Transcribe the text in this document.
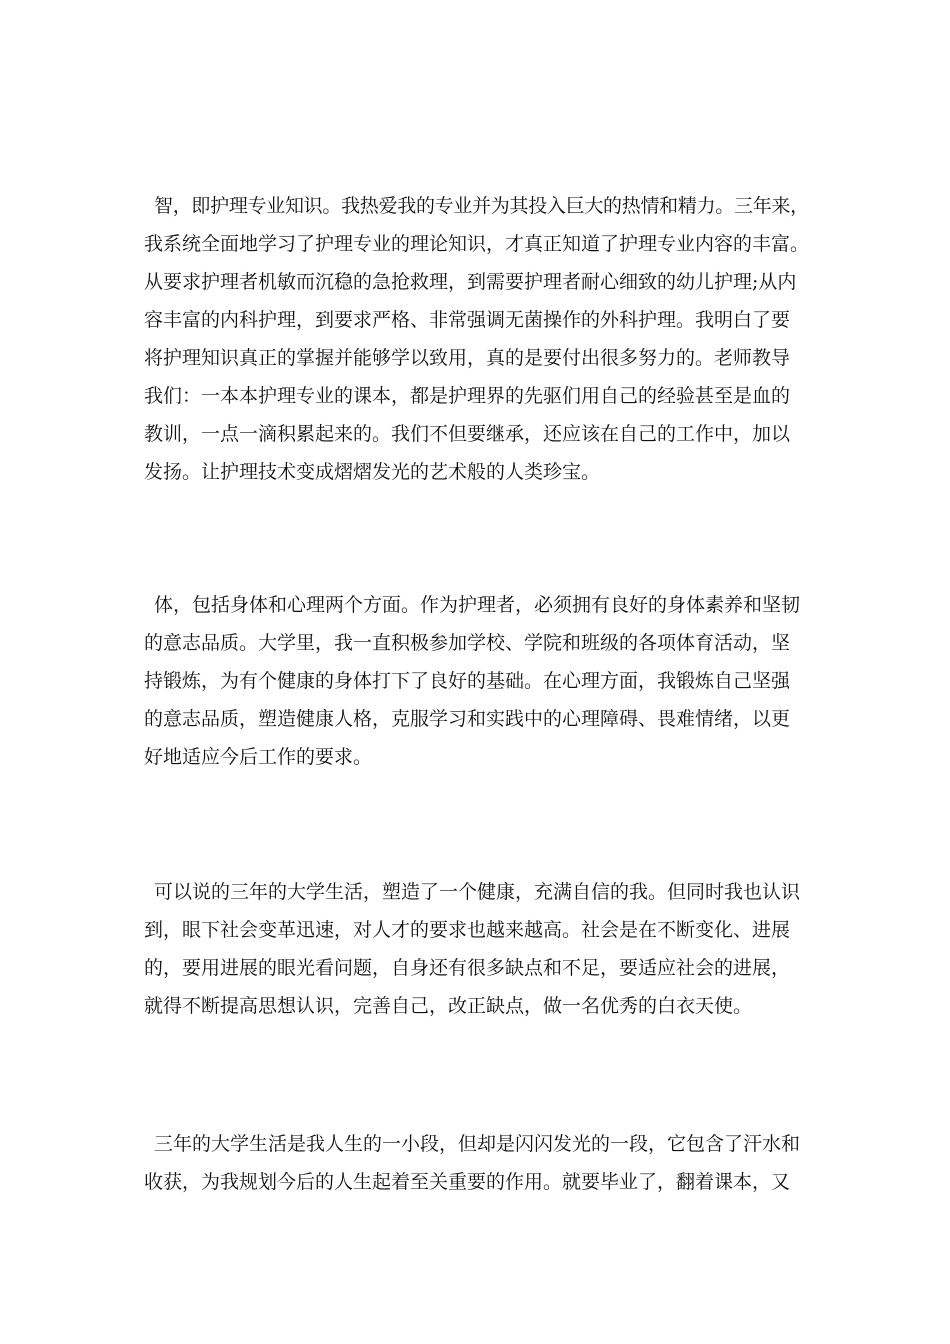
智，即护理专业知识。我热爱我的专业并为其投入巨大的热情和精力。三年来，
我系统全面地学习了护理专业的理论知识，才真正知道了护理专业内容的丰富。
从要求护理者机敏而沉稳的急抢救理，到需要护理者耐心细致的幼儿护理;从内
容丰富的内科护理，到要求严格、非常强调无菌操作的外科护理。我明白了要
将护理知识真正的掌握并能够学以致用，真的是要付出很多努力的。老师教导
我们：一本本护理专业的课本，都是护理界的先驱们用自己的经验甚至是血的
教训，一点一滴积累起来的。我们不但要继承，还应该在自己的工作中，加以
发扬。让护理技术变成熠熠发光的艺术般的人类珍宝。
体，包括身体和心理两个方面。作为护理者，必须拥有良好的身体素养和坚韧
的意志品质。大学里，我一直积极参加学校、学院和班级的各项体育活动，坚
持锻炼，为有个健康的身体打下了良好的基础。在心理方面，我锻炼自己坚强
的意志品质，塑造健康人格，克服学习和实践中的心理障碍、畏难情绪，以更
好地适应今后工作的要求。
可以说的三年的大学生活，塑造了一个健康，充满自信的我。但同时我也认识
到，眼下社会变革迅速，对人才的要求也越来越高。社会是在不断变化、进展
的，要用进展的眼光看问题，自身还有很多缺点和不足，要适应社会的进展，
就得不断提高思想认识，完善自己，改正缺点，做一名优秀的白衣天使。
三年的大学生活是我人生的一小段，但却是闪闪发光的一段，它包含了汗水和
收获，为我规划今后的人生起着至关重要的作用。就要毕业了，翻着课本，又
